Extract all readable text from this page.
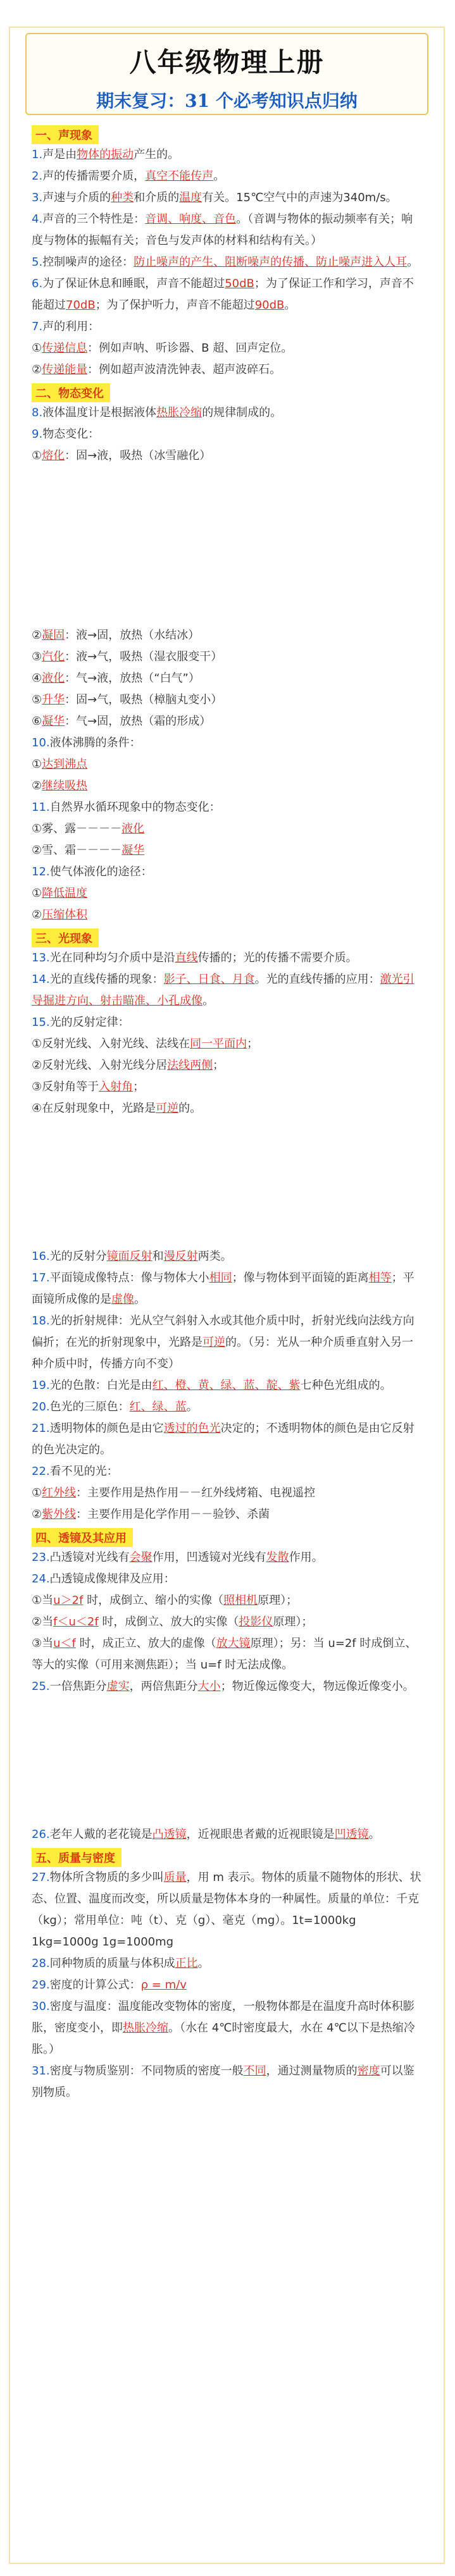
八年级物理上册
期末复习：31 个必考知识点归纳
一、声现象

1.声是由物体的振动产生的。

2.声的传播需要介质，真空不能传声。

3.声速与介质的种类和介质的温度有关。15℃空气中的声速为340m/s。

4.声音的三个特性是：音调、响度、音色。（音调与物体的振动频率有关；响度与物体的振幅有关；音色与发声体的材料和结构有关。）

5.控制噪声的途径：防止噪声的产生、阻断噪声的传播、防止噪声进入人耳。

6.为了保证休息和睡眠，声音不能超过50dB；为了保证工作和学习，声音不能超过70dB；为了保护听力，声音不能超过90dB。

7.声的利用：

①传递信息：例如声呐、听诊器、B 超、回声定位。

②传递能量：例如超声波清洗钟表、超声波碎石。

二、物态变化

8.液体温度计是根据液体热胀冷缩的规律制成的。

9.物态变化：

①熔化：固→液，吸热（冰雪融化）

②凝固：液→固，放热（水结冰）

③汽化：液→气，吸热（湿衣服变干）

④液化：气→液，放热（“白气”）

⑤升华：固→气，吸热（樟脑丸变小）

⑥凝华：气→固，放热（霜的形成）

10.液体沸腾的条件：

①达到沸点

②继续吸热

11.自然界水循环现象中的物态变化：

①雾、露－－－－液化

②雪、霜－－－－凝华

12.使气体液化的途径：

①降低温度

②压缩体积

三、光现象

13.光在同种均匀介质中是沿直线传播的；光的传播不需要介质。

14.光的直线传播的现象：影子、日食、月食。光的直线传播的应用：激光引导掘进方向、射击瞄准、小孔成像。

15.光的反射定律：

①反射光线、入射光线、法线在同一平面内；

②反射光线、入射光线分居法线两侧；

③反射角等于入射角；

④在反射现象中，光路是可逆的。

16.光的反射分镜面反射和漫反射两类。

17.平面镜成像特点：像与物体大小相同；像与物体到平面镜的距离相等；平面镜所成像的是虚像。

18.光的折射规律：光从空气斜射入水或其他介质中时，折射光线向法线方向偏折；在光的折射现象中，光路是可逆的。（另：光从一种介质垂直射入另一种介质中时，传播方向不变）

19.光的色散：白光是由红、橙、黄、绿、蓝、靛、紫七种色光组成的。

20.色光的三原色：红、绿、蓝。

21.透明物体的颜色是由它透过的色光决定的；不透明物体的颜色是由它反射的色光决定的。

22.看不见的光：

①红外线：主要作用是热作用－－红外线烤箱、电视遥控

②紫外线：主要作用是化学作用－－验钞、杀菌

四、透镜及其应用

23.凸透镜对光线有会聚作用，凹透镜对光线有发散作用。

24.凸透镜成像规律及应用：

①当u＞2f 时，成倒立、缩小的实像（照相机原理）；

②当f＜u＜2f 时，成倒立、放大的实像（投影仪原理）；

③当u＜f 时，成正立、放大的虚像（放大镜原理）；另：当 u=2f 时成倒立、等大的实像（可用来测焦距）；当 u=f 时无法成像。

25.一倍焦距分虚实，两倍焦距分大小；物近像远像变大，物远像近像变小。

26.老年人戴的老花镜是凸透镜，近视眼患者戴的近视眼镜是凹透镜。

五、质量与密度

27.物体所含物质的多少叫质量，用 m 表示。物体的质量不随物体的形状、状态、位置、温度而改变，所以质量是物体本身的一种属性。质量的单位：千克（kg）；常用单位：吨（t）、克（g）、毫克（mg）。1t=1000kg 1kg=1000g 1g=1000mg

28.同种物质的质量与体积成正比。

29.密度的计算公式：ρ = m/v

30.密度与温度：温度能改变物体的密度，一般物体都是在温度升高时体积膨胀，密度变小，即热胀冷缩。（水在 4℃时密度最大，水在 4℃以下是热缩冷胀。）

31.密度与物质鉴别：不同物质的密度一般不同，通过测量物质的密度可以鉴别物质。
